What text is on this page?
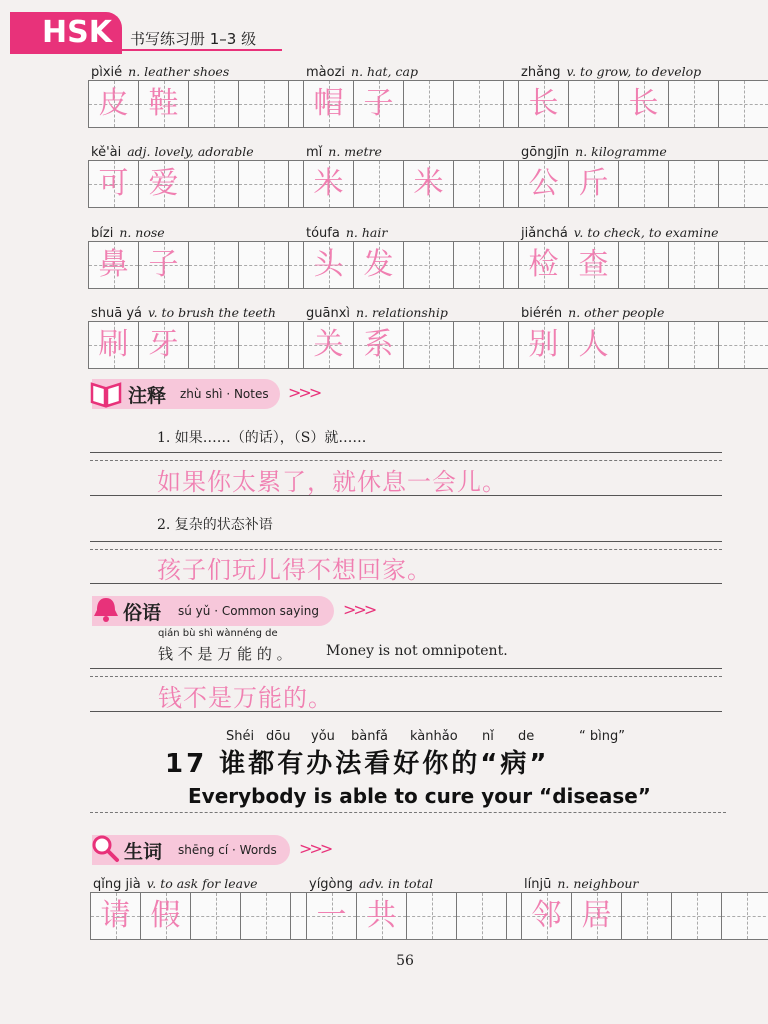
HSK	书写练习册 1–3 级
pìxié n. leather shoes
皮 鞋
màozi n. hat, cap
帽 子
zhǎng v. to grow, to develop
长	长
kě'ài adj. lovely, adorable
可 爱
mǐ n. metre
米	米
gōngjīn n. kilogramme
公 斤
bízi n. nose
鼻 子
tóufa n. hair
头 发
jiǎnchá v. to check, to examine
检 查
shuā yá v. to brush the teeth
刷 牙
guānxì n. relationship
关 系
biérén n. other people
别 人
注释 zhù shì · Notes >>>
1. 如果……（的话），（S）就……
如果你太累了，就休息一会儿。
2. 复杂的状态补语
孩子们玩儿得不想回家。
俗语 sú yǔ · Common saying >>>
qián bù shì wànnéng de
钱 不 是 万 能 的 。 Money is not omnipotent.
钱不是万能的。
Shéi dōu yǒu bànfǎ kànhǎo nǐ de	“ bìng”
17 谁都有办法看好你的“病”
Everybody is able to cure your “disease”
生词 shēng cí · Words >>>
qǐng jià v. to ask for leave
请 假
yígòng adv. in total
一 共
línjū n. neighbour
邻 居
56
